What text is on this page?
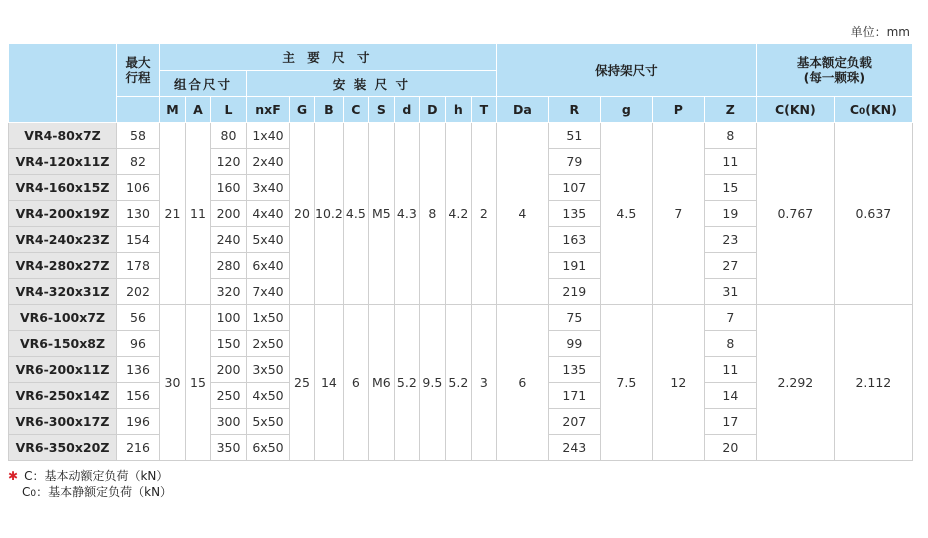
单位：mm
	最大
行程	主 要 尺 寸												保持架尺寸					基本额定负载
(每一颗珠)	
		组合尺寸			安 装 尺 寸															
		M	A	L	nxF	G	B	C	S	d	D	h	T	Da	R	g	P	Z	C(KN)	C0(KN)
VR4-80x7Z	58	21	11	80	1x40	20	10.2	4.5	M5	4.3	8	4.2	2	4	51	4.5	7	8	0.767	0.637
VR4-120x11Z	82			120	2x40										79			11		
VR4-160x15Z	106			160	3x40										107			15		
VR4-200x19Z	130			200	4x40										135			19		
VR4-240x23Z	154			240	5x40										163			23		
VR4-280x27Z	178			280	6x40										191			27		
VR4-320x31Z	202			320	7x40										219			31		
VR6-100x7Z	56	30	15	100	1x50	25	14	6	M6	5.2	9.5	5.2	3	6	75	7.5	12	7	2.292	2.112
VR6-150x8Z	96			150	2x50										99			8		
VR6-200x11Z	136			200	3x50										135			11		
VR6-250x14Z	156			250	4x50										171			14		
VR6-300x17Z	196			300	5x50										207			17		
VR6-350x20Z	216			350	6x50										243			20		
✱ C：基本动额定负荷（kN）
C0：基本静额定负荷（kN）
